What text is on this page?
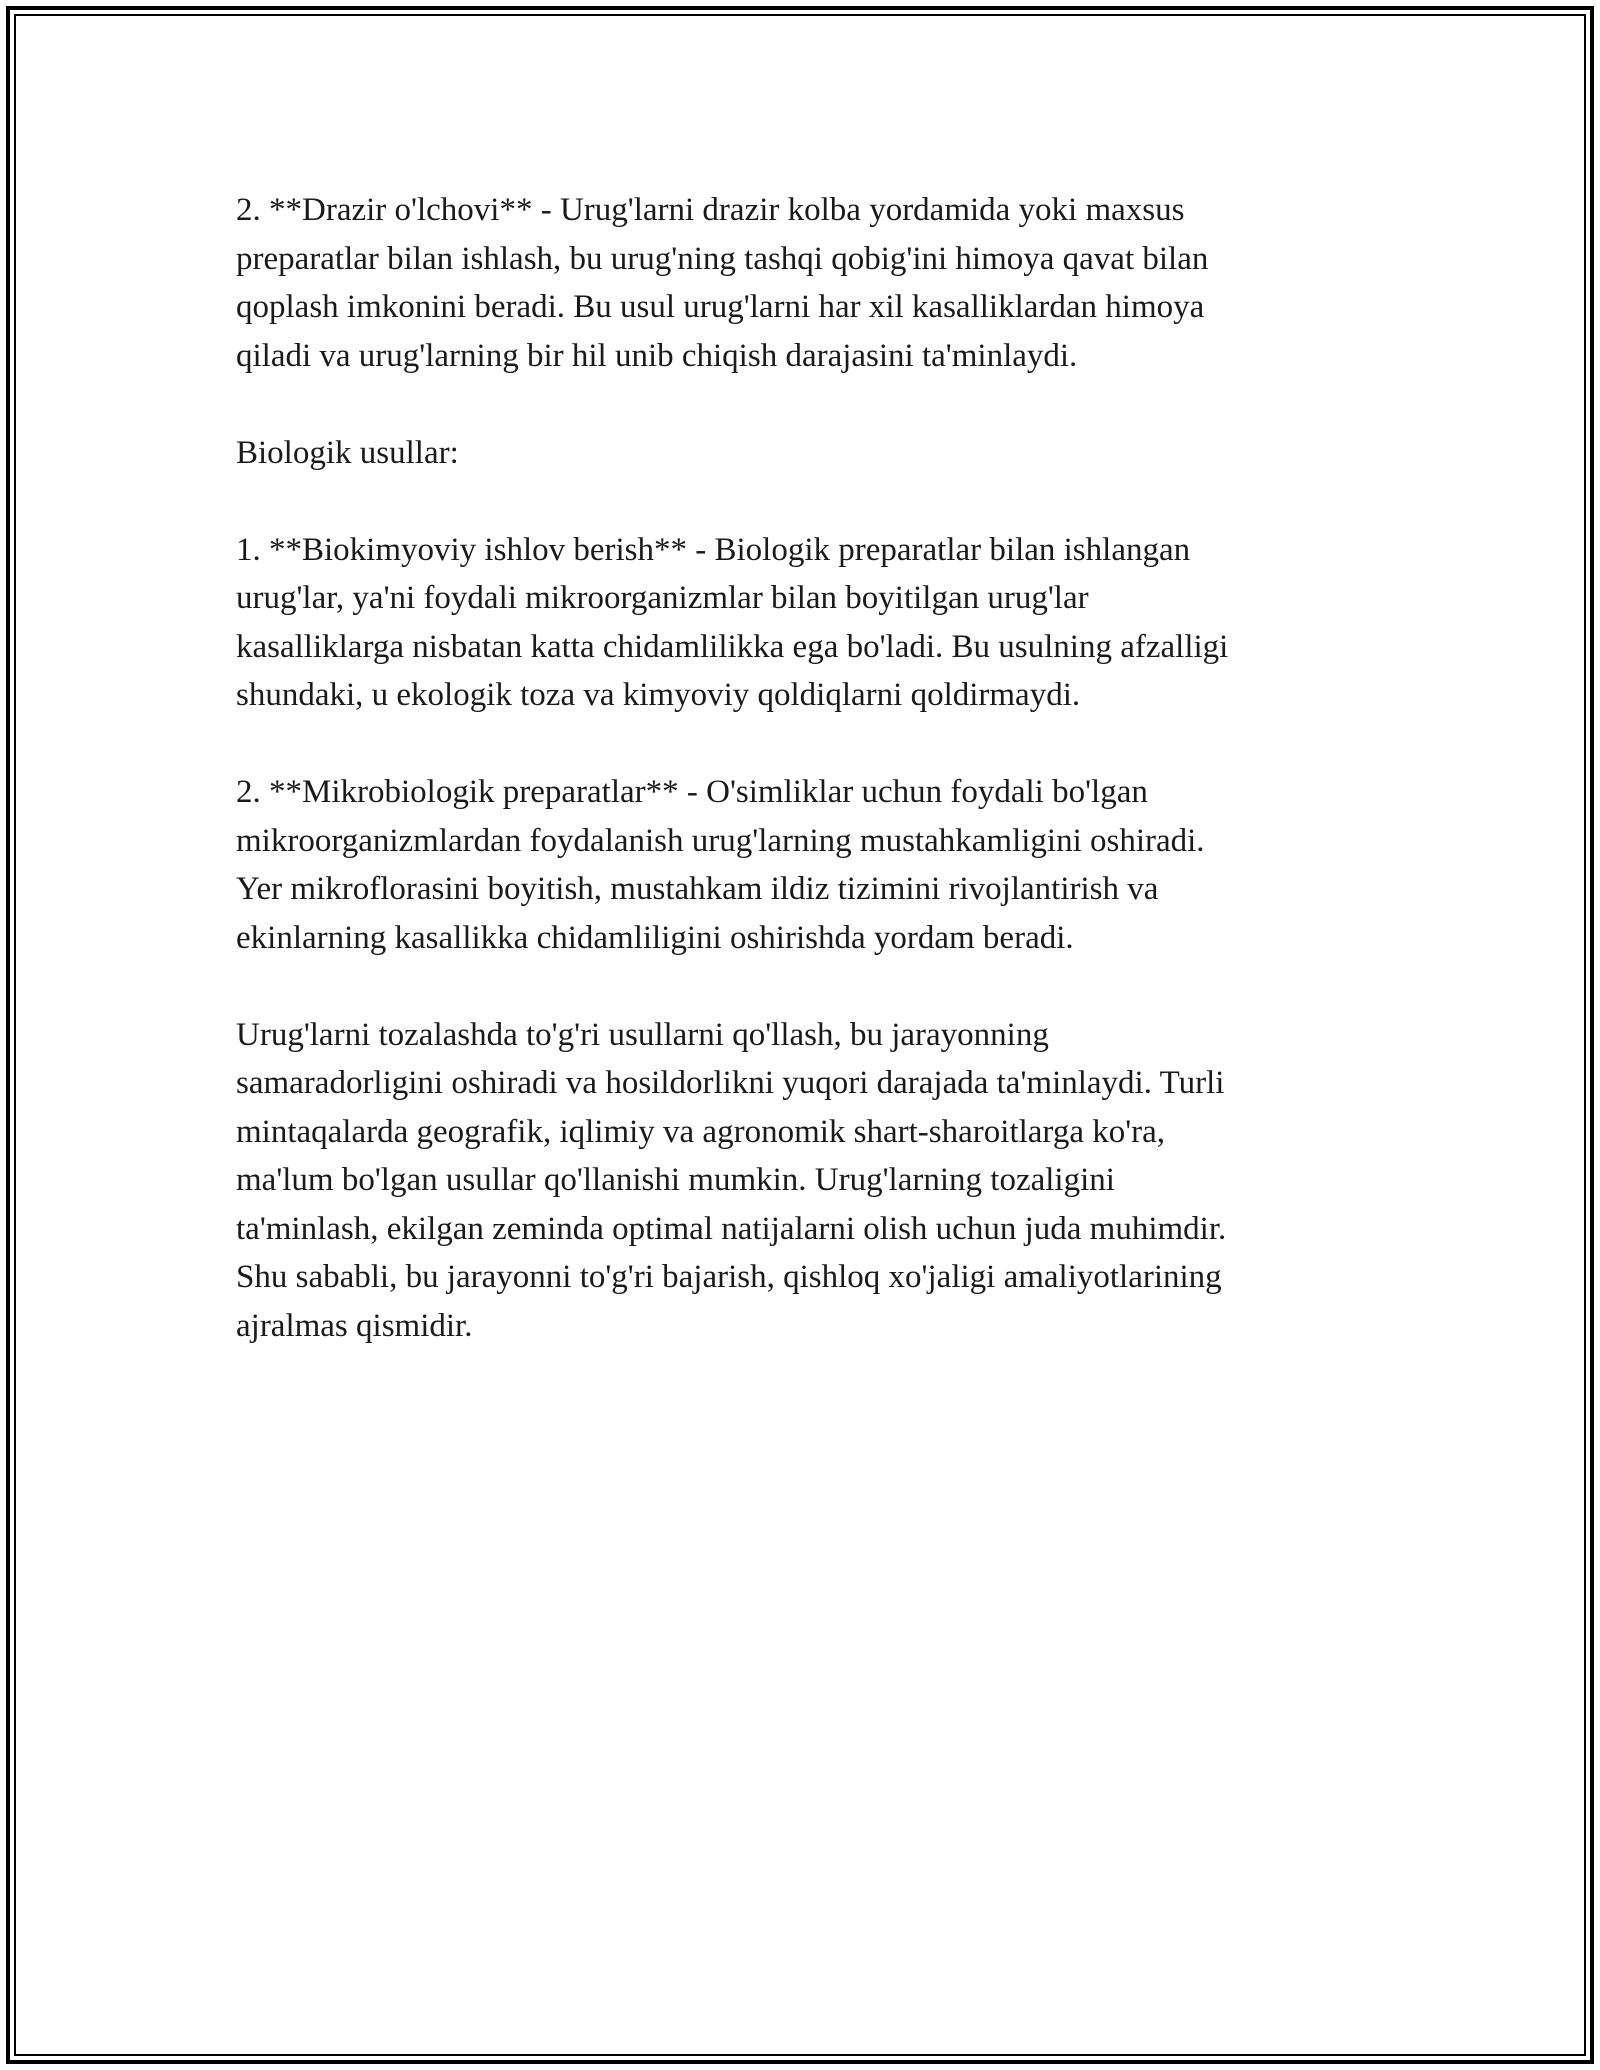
2. **Drazir o'lchovi** - Urug'larni drazir kolba yordamida yoki maxsus
preparatlar bilan ishlash, bu urug'ning tashqi qobig'ini himoya qavat bilan
qoplash imkonini beradi. Bu usul urug'larni har xil kasalliklardan himoya
qiladi va urug'larning bir hil unib chiqish darajasini ta'minlaydi.

Biologik usullar:

1. **Biokimyoviy ishlov berish** - Biologik preparatlar bilan ishlangan
urug'lar, ya'ni foydali mikroorganizmlar bilan boyitilgan urug'lar
kasalliklarga nisbatan katta chidamlilikka ega bo'ladi. Bu usulning afzalligi
shundaki, u ekologik toza va kimyoviy qoldiqlarni qoldirmaydi.

2. **Mikrobiologik preparatlar** - O'simliklar uchun foydali bo'lgan
mikroorganizmlardan foydalanish urug'larning mustahkamligini oshiradi.
Yer mikroflorasini boyitish, mustahkam ildiz tizimini rivojlantirish va
ekinlarning kasallikka chidamliligini oshirishda yordam beradi.

Urug'larni tozalashda to'g'ri usullarni qo'llash, bu jarayonning
samaradorligini oshiradi va hosildorlikni yuqori darajada ta'minlaydi. Turli
mintaqalarda geografik, iqlimiy va agronomik shart-sharoitlarga ko'ra,
ma'lum bo'lgan usullar qo'llanishi mumkin. Urug'larning tozaligini
ta'minlash, ekilgan zeminda optimal natijalarni olish uchun juda muhimdir.
Shu sababli, bu jarayonni to'g'ri bajarish, qishloq xo'jaligi amaliyotlarining
ajralmas qismidir.
